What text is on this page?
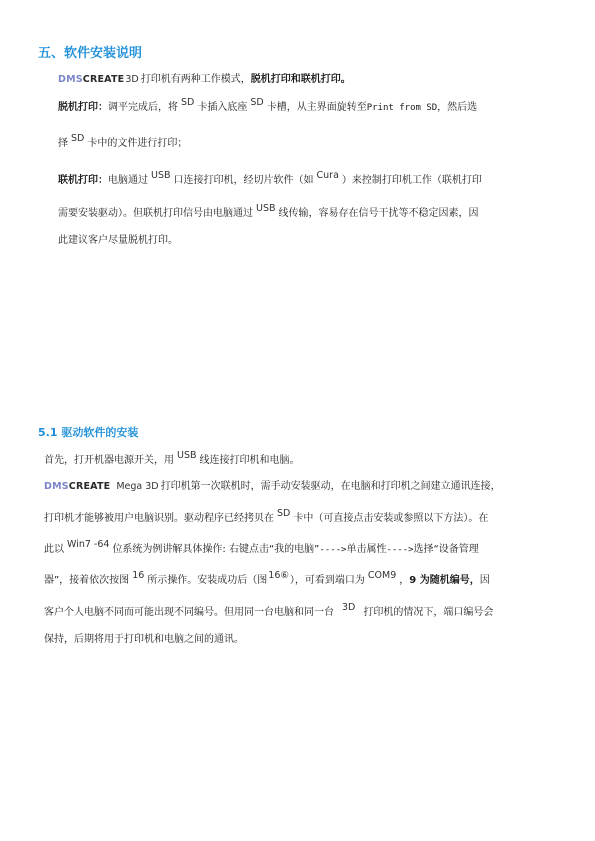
五、软件安装说明
DMSCREATE3D 打印机有两种工作模式，脱机打印和联机打印。
脱机打印：调平完成后，将 SD 卡插入底座 SD 卡槽，从主界面旋转至Print from SD，然后选
择 SD 卡中的文件进行打印；
联机打印：电脑通过 USB 口连接打印机，经切片软件（如 Cura ）来控制打印机工作（联机打印
需要安装驱动）。但联机打印信号由电脑通过 USB 线传输，容易存在信号干扰等不稳定因素，因
此建议客户尽量脱机打印。
5.1 驱动软件的安装
首先，打开机器电源开关，用 USB 线连接打印机和电脑。
DMSCREATE Mega 3D 打印机第一次联机时，需手动安装驱动，在电脑和打印机之间建立通讯连接，
打印机才能够被用户电脑识别。驱动程序已经拷贝在 SD 卡中（可直接点击安装或参照以下方法）。在
此以 Win7 -64 位系统为例讲解具体操作: 右键点击“我的电脑”---->单击属性---->选择“设备管理
器”，接着依次按图 16 所示操作。安装成功后（图16⑥），可看到端口为 COM9 ，9 为随机编号，因
客户个人电脑不同而可能出现不同编号。但用同一台电脑和同一台 3D 打印机的情况下，端口编号会
保持，后期将用于打印机和电脑之间的通讯。
